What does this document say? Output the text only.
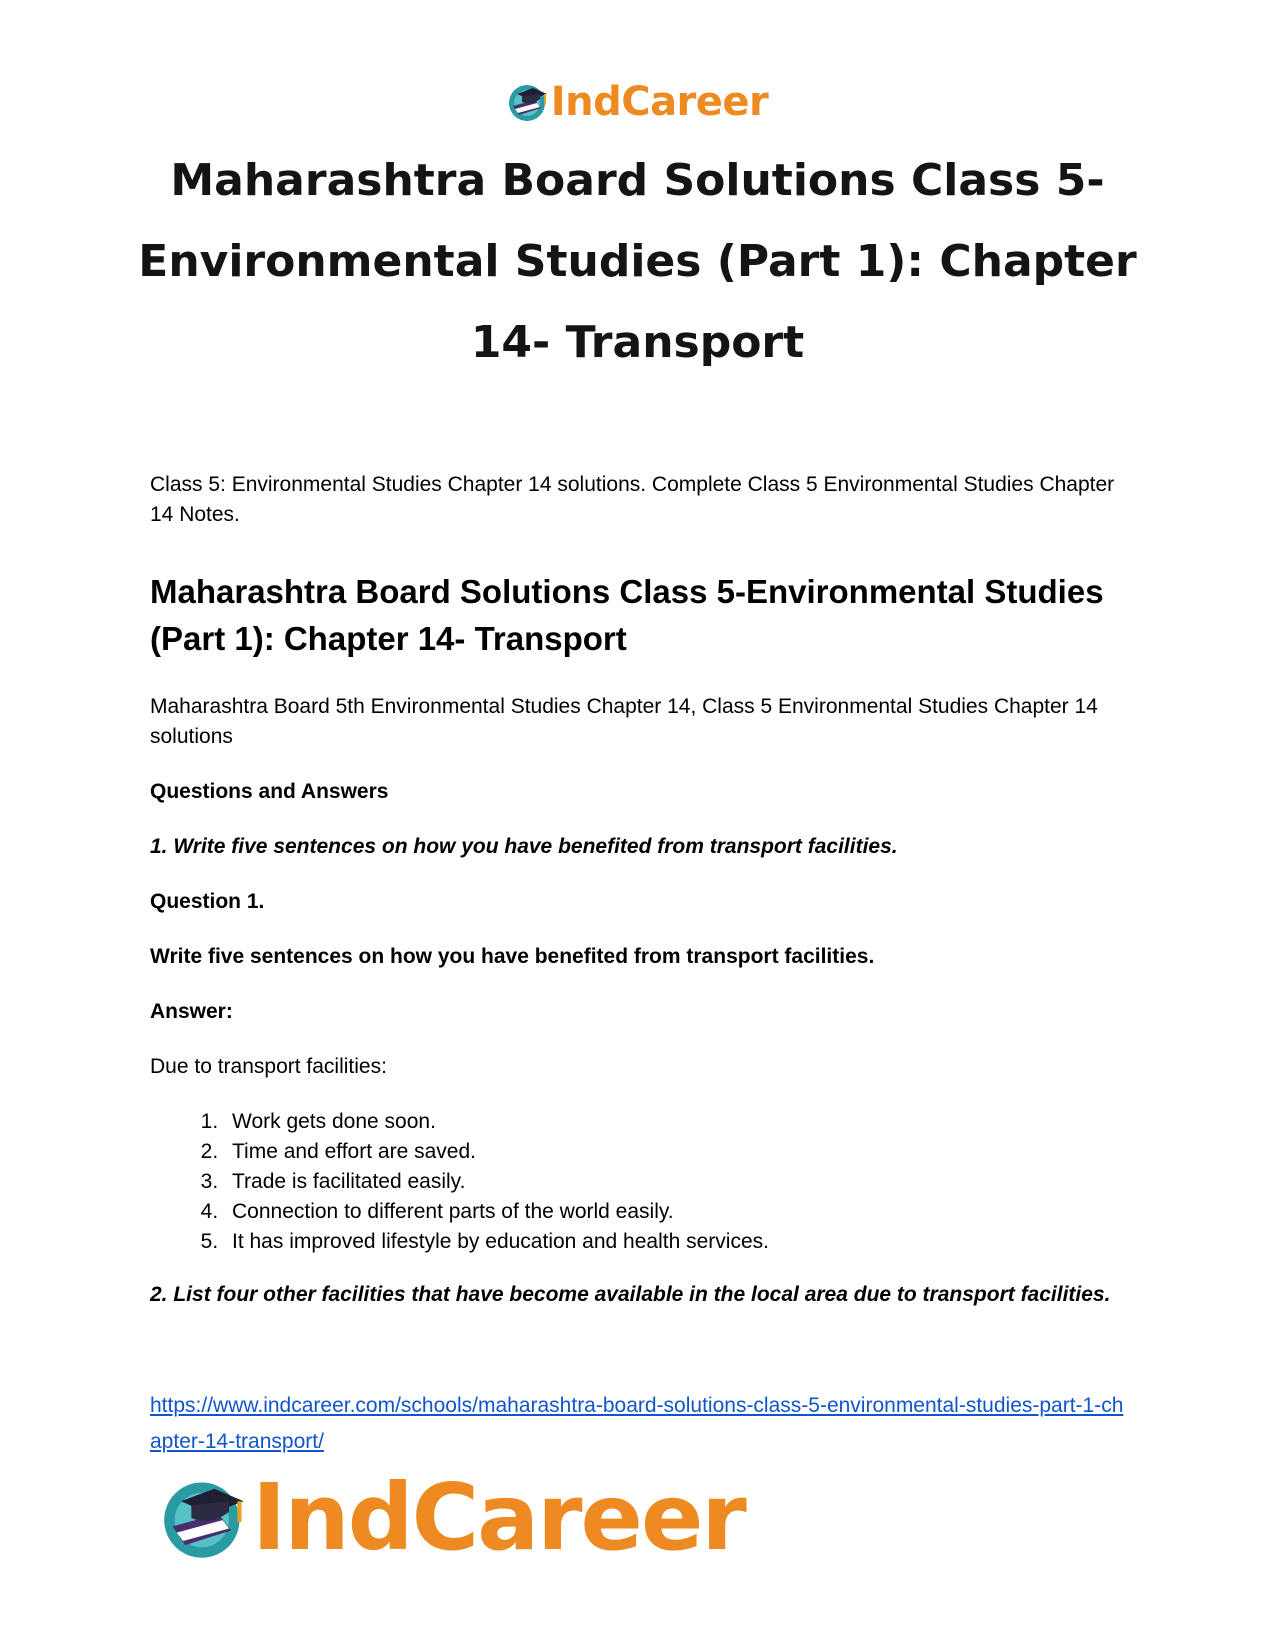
IndCareer
Maharashtra Board Solutions Class 5-Environmental Studies (Part 1): Chapter 14- Transport

Class 5: Environmental Studies Chapter 14 solutions. Complete Class 5 Environmental Studies Chapter 14 Notes.

Maharashtra Board Solutions Class 5-Environmental Studies (Part 1): Chapter 14- Transport

Maharashtra Board 5th Environmental Studies Chapter 14, Class 5 Environmental Studies Chapter 14 solutions

Questions and Answers

1. Write five sentences on how you have benefited from transport facilities.

Question 1.

Write five sentences on how you have benefited from transport facilities.

Answer:

Due to transport facilities:

1. Work gets done soon.
2. Time and effort are saved.
3. Trade is facilitated easily.
4. Connection to different parts of the world easily.
5. It has improved lifestyle by education and health services.

2. List four other facilities that have become available in the local area due to transport facilities.

https://www.indcareer.com/schools/maharashtra-board-solutions-class-5-environmental-studies-part-1-chapter-14-transport/
IndCareer
